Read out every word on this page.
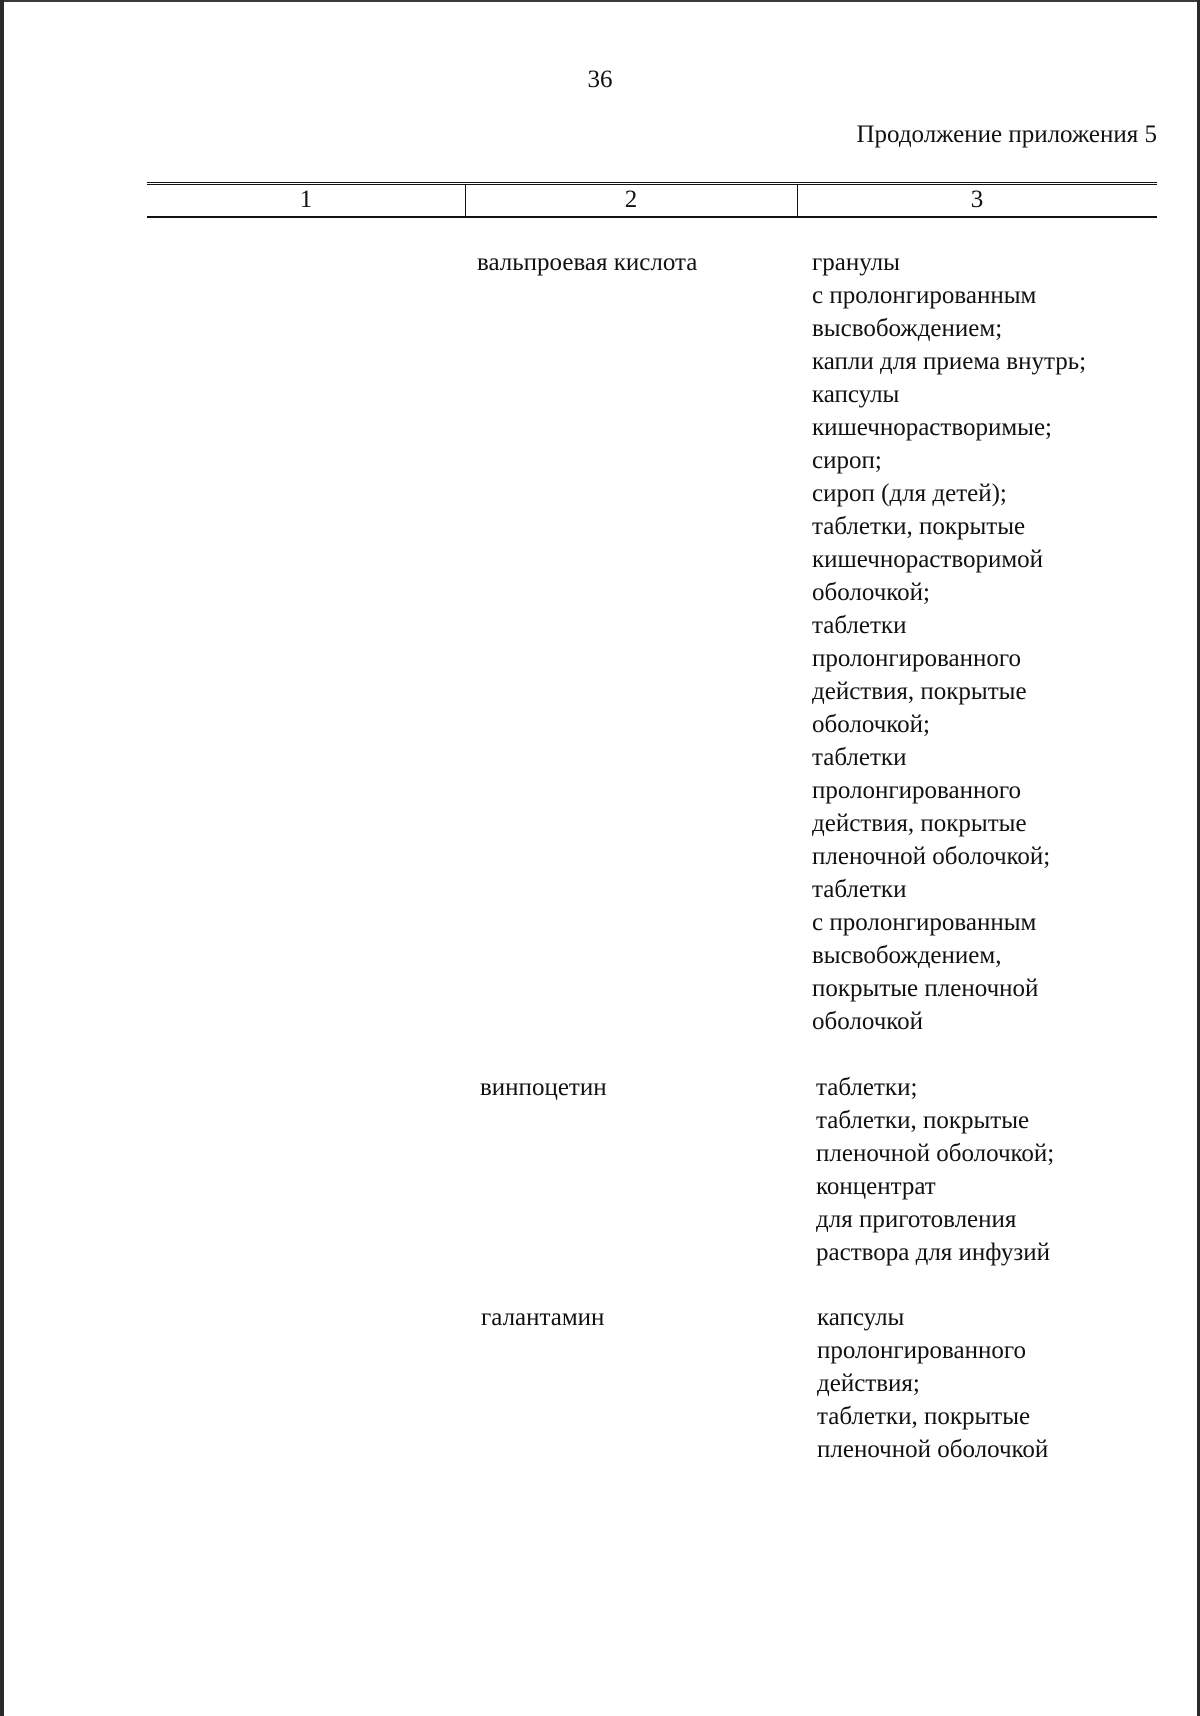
36
Продолжение приложения 5
1	2	3
вальпроевая кислота	гранулы
с пролонгированным
высвобождением;
капли для приема внутрь;
капсулы
кишечнорастворимые;
сироп;
сироп (для детей);
таблетки, покрытые
кишечнорастворимой
оболочкой;
таблетки
пролонгированного
действия, покрытые
оболочкой;
таблетки
пролонгированного
действия, покрытые
пленочной оболочкой;
таблетки
с пролонгированным
высвобождением,
покрытые пленочной
оболочкой
винпоцетин	таблетки;
таблетки, покрытые
пленочной оболочкой;
концентрат
для приготовления
раствора для инфузий
галантамин	капсулы
пролонгированного
действия;
таблетки, покрытые
пленочной оболочкой
